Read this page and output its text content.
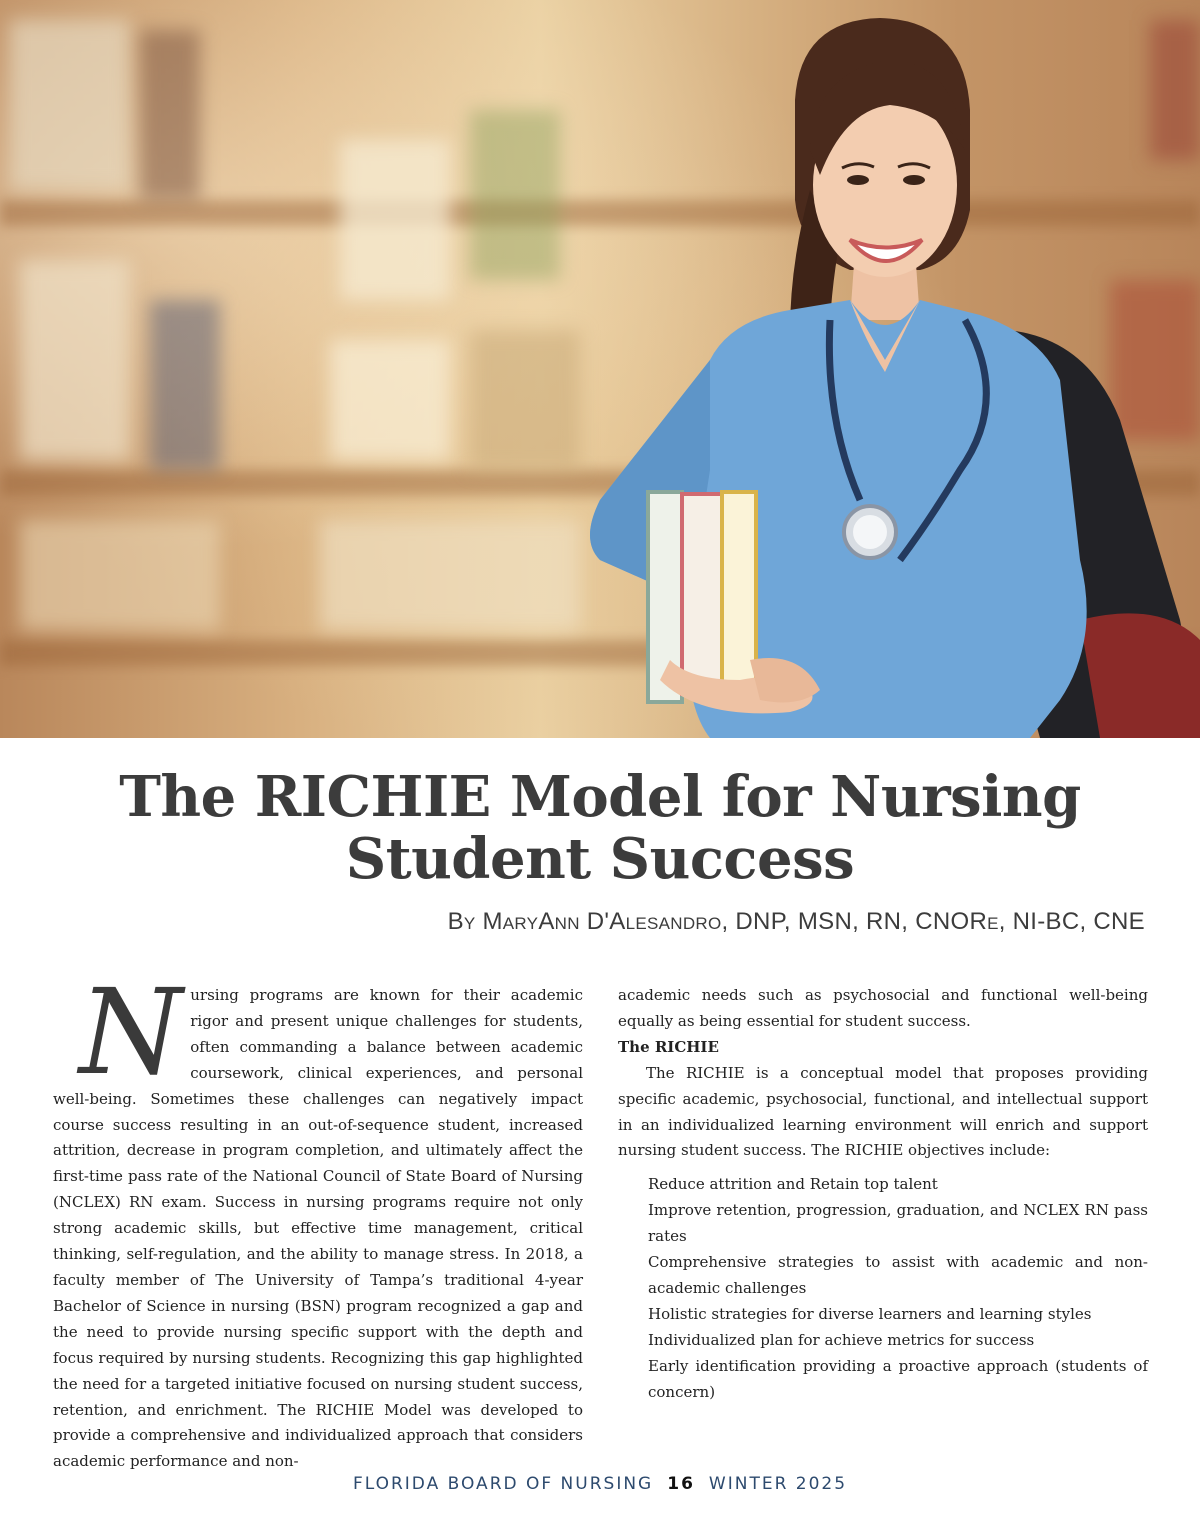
The RICHIE Model for Nursing
Student Success

By MaryAnn D'Alesandro, DNP, MSN, RN, CNORe, NI-BC, CNE

N ursing programs are known for their academic rigor and present unique challenges for students, often commanding a balance between academic coursework, clinical experiences, and personal well-being. Sometimes these challenges can negatively impact course success resulting in an out-of-sequence student, increased attrition, decrease in program completion, and ultimately affect the first-time pass rate of the National Council of State Board of Nursing (NCLEX) RN exam. Success in nursing programs require not only strong academic skills, but effective time management, critical thinking, self-regulation, and the ability to manage stress. In 2018, a faculty member of The University of Tampa’s traditional 4-year Bachelor of Science in nursing (BSN) program recognized a gap and the need to provide nursing specific support with the depth and focus required by nursing students. Recognizing this gap highlighted the need for a targeted initiative focused on nursing student success, retention, and enrichment. The RICHIE Model was developed to provide a comprehensive and individualized approach that considers academic performance and non-

academic needs such as psychosocial and functional well-being equally as being essential for student success.

The RICHIE

The RICHIE is a conceptual model that proposes providing specific academic, psychosocial, functional, and intellectual support in an individualized learning environment will enrich and support nursing student success. The RICHIE objectives include:

Reduce attrition and Retain top talent
Improve retention, progression, graduation, and NCLEX RN pass rates
Comprehensive strategies to assist with academic and non-academic challenges
Holistic strategies for diverse learners and learning styles
Individualized plan for achieve metrics for success
Early identification providing a proactive approach (students of concern)

FLORIDA BOARD OF NURSING 16 WINTER 2025
